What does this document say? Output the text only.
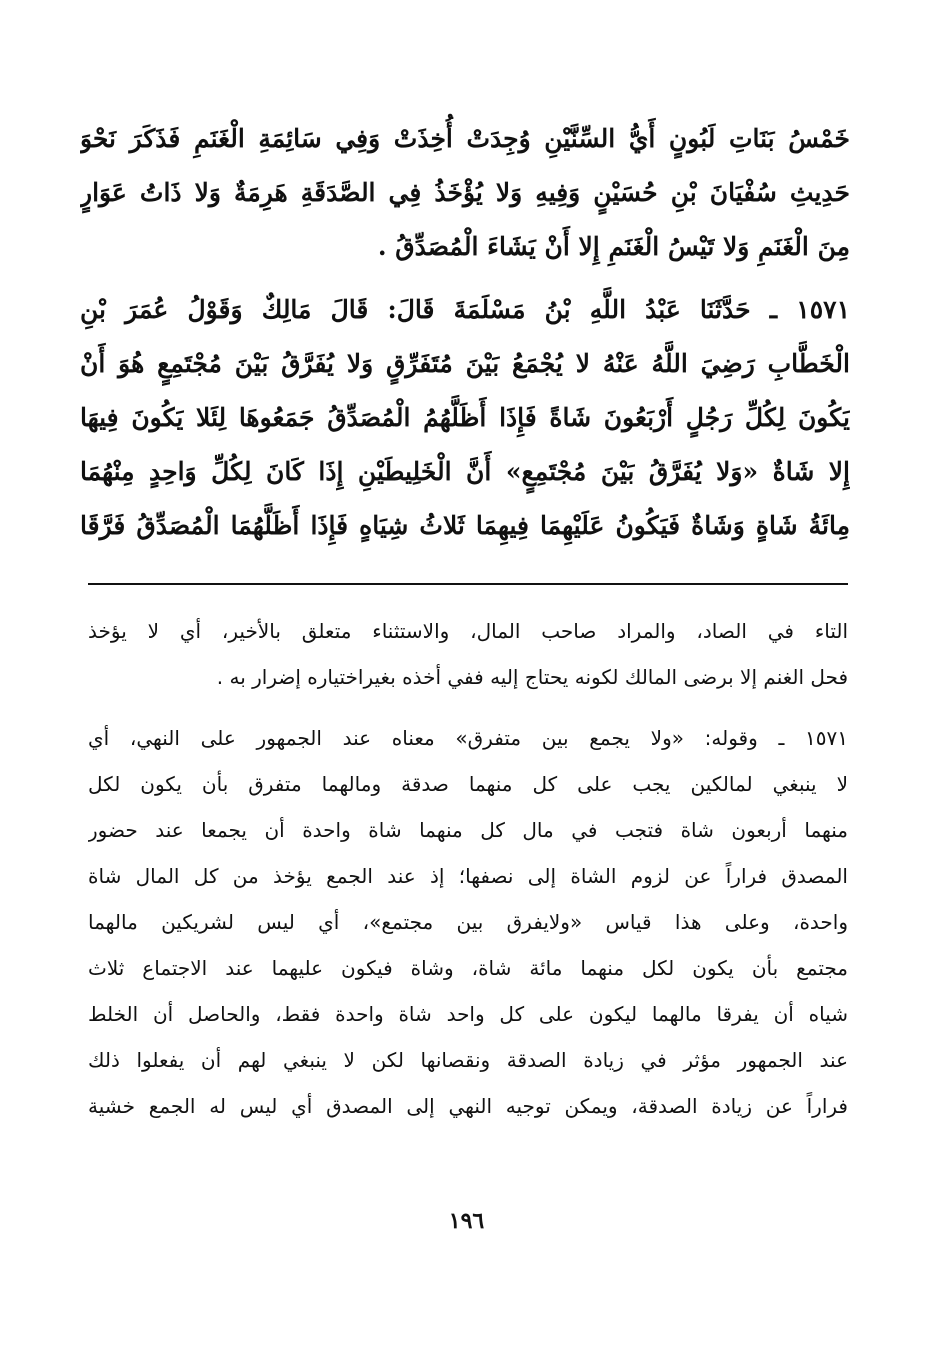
خَمْسُ بَنَاتِ لَبُونٍ أَيُّ السِّنَّيْنِ وُجِدَتْ أُخِذَتْ وَفِي سَائِمَةِ الْغَنَمِ فَذَكَرَ نَحْوَ
حَدِيثِ سُفْيَانَ بْنِ حُسَيْنٍ وَفِيهِ وَلا يُؤْخَذُ فِي الصَّدَقَةِ هَرِمَةٌ وَلا ذَاتُ عَوَارٍ
مِنَ الْغَنَمِ وَلا تَيْسُ الْغَنَمِ إِلا أَنْ يَشَاءَ الْمُصَدِّقُ .
١٥٧١ ـ حَدَّثَنَا عَبْدُ اللَّهِ بْنُ مَسْلَمَةَ قَالَ: قَالَ مَالِكٌ وَقَوْلُ عُمَرَ بْنِ
الْخَطَّابِ رَضِيَ اللَّهُ عَنْهُ لا يُجْمَعُ بَيْنَ مُتَفَرِّقٍ وَلا يُفَرَّقُ بَيْنَ مُجْتَمِعٍ هُوَ أَنْ
يَكُونَ لِكُلِّ رَجُلٍ أَرْبَعُونَ شَاةً فَإِذَا أَظَلَّهُمُ الْمُصَدِّقُ جَمَعُوهَا لِئَلا يَكُونَ فِيهَا
إِلا شَاةٌ «وَلا يُفَرَّقُ بَيْنَ مُجْتَمِعٍ» أَنَّ الْخَلِيطَيْنِ إِذَا كَانَ لِكُلِّ وَاحِدٍ مِنْهُمَا
مِائَةُ شَاةٍ وَشَاةٌ فَيَكُونُ عَلَيْهِمَا فِيهِمَا ثَلاثُ شِيَاهٍ فَإِذَا أَظَلَّهُمَا الْمُصَدِّقُ فَرَّقَا
التاء في الصاد، والمراد صاحب المال، والاستثناء متعلق بالأخير، أي لا يؤخذ
فحل الغنم إلا برضى المالك لكونه يحتاج إليه ففي أخذه بغيراختياره إضرار به .
١٥٧١ ـ وقوله: «ولا يجمع بين متفرق» معناه عند الجمهور على النهي، أي
لا ينبغي لمالكين يجب على كل منهما صدقة ومالهما متفرق بأن يكون لكل
منهما أربعون شاة فتجب في مال كل منهما شاة واحدة أن يجمعا عند حضور
المصدق فراراً عن لزوم الشاة إلى نصفها؛ إذ عند الجمع يؤخذ من كل المال شاة
واحدة، وعلى هذا قياس «ولايفرق بين مجتمع»، أي ليس لشريكين مالهما
مجتمع بأن يكون لكل منهما مائة شاة، وشاة فيكون عليهما عند الاجتماع ثلاث
شياه أن يفرقا مالهما ليكون على كل واحد شاة واحدة فقط، والحاصل أن الخلط
عند الجمهور مؤثر في زيادة الصدقة ونقصانها لكن لا ينبغي لهم أن يفعلوا ذلك
فراراً عن زيادة الصدقة، ويمكن توجيه النهي إلى المصدق أي ليس له الجمع خشية
١٩٦
